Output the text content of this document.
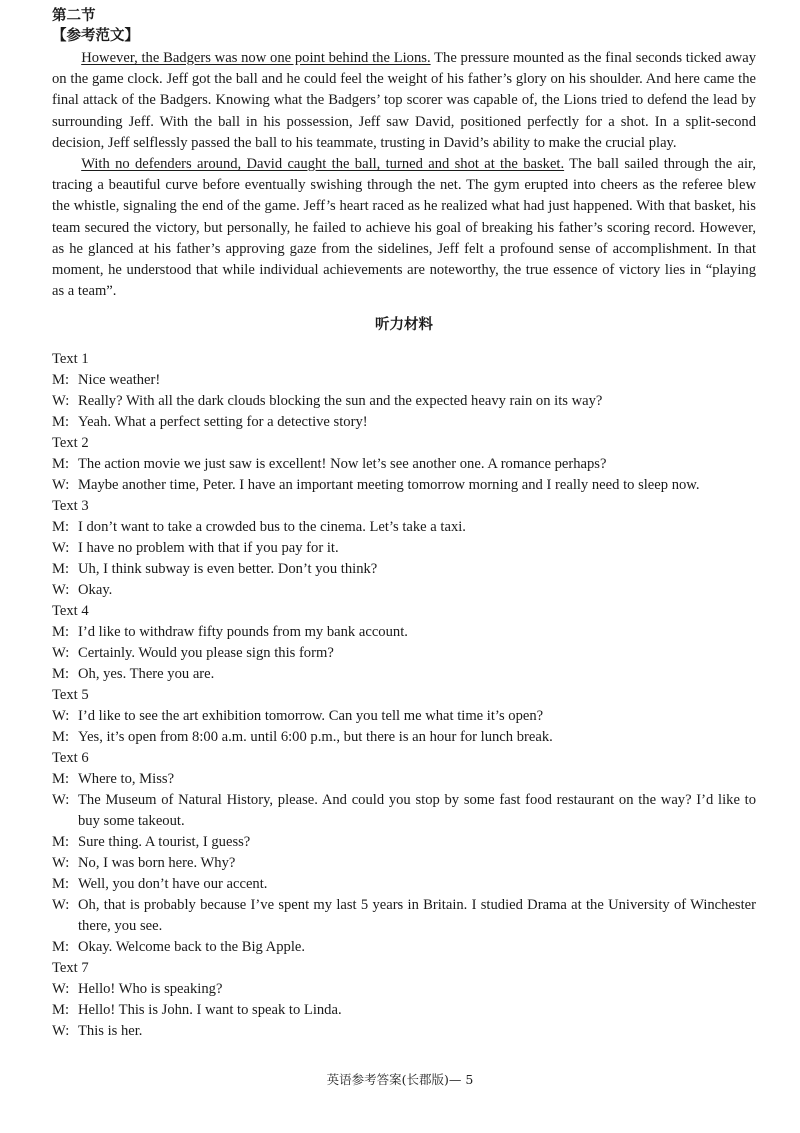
第二节

【参考范文】

However, the Badgers was now one point behind the Lions. The pressure mounted as the final seconds ticked away on the game clock. Jeff got the ball and he could feel the weight of his father’s glory on his shoulder. And here came the final attack of the Badgers. Knowing what the Badgers’ top scorer was capable of, the Lions tried to defend the lead by surrounding Jeff. With the ball in his possession, Jeff saw David, positioned perfectly for a shot. In a split-second decision, Jeff selflessly passed the ball to his teammate, trusting in David’s ability to make the crucial play.

With no defenders around, David caught the ball, turned and shot at the basket. The ball sailed through the air, tracing a beautiful curve before eventually swishing through the net. The gym erupted into cheers as the referee blew the whistle, signaling the end of the game. Jeff’s heart raced as he realized what had just happened. With that basket, his team secured the victory, but personally, he failed to achieve his goal of breaking his father’s scoring record. However, as he glanced at his father’s approving gaze from the sidelines, Jeff felt a profound sense of accomplishment. In that moment, he understood that while individual achievements are noteworthy, the true essence of victory lies in “playing as a team”.

听力材料

Text 1

M: Nice weather!
W: Really? With all the dark clouds blocking the sun and the expected heavy rain on its way?
M: Yeah. What a perfect setting for a detective story!

Text 2

M: The action movie we just saw is excellent! Now let’s see another one. A romance perhaps?
W: Maybe another time, Peter. I have an important meeting tomorrow morning and I really need to sleep now.

Text 3

M: I don’t want to take a crowded bus to the cinema. Let’s take a taxi.
W: I have no problem with that if you pay for it.
M: Uh, I think subway is even better. Don’t you think?
W: Okay.

Text 4

M: I’d like to withdraw fifty pounds from my bank account.
W: Certainly. Would you please sign this form?
M: Oh, yes. There you are.

Text 5

W: I’d like to see the art exhibition tomorrow. Can you tell me what time it’s open?
M: Yes, it’s open from 8:00 a.m. until 6:00 p.m., but there is an hour for lunch break.

Text 6

M: Where to, Miss?
W: The Museum of Natural History, please. And could you stop by some fast food restaurant on the way? I’d like to buy some takeout.
M: Sure thing. A tourist, I guess?
W: No, I was born here. Why?
M: Well, you don’t have our accent.
W: Oh, that is probably because I’ve spent my last 5 years in Britain. I studied Drama at the University of Winchester there, you see.
M: Okay. Welcome back to the Big Apple.

Text 7

W: Hello! Who is speaking?
M: Hello! This is John. I want to speak to Linda.
W: This is her.
英语参考答案(长郡版)— 5
